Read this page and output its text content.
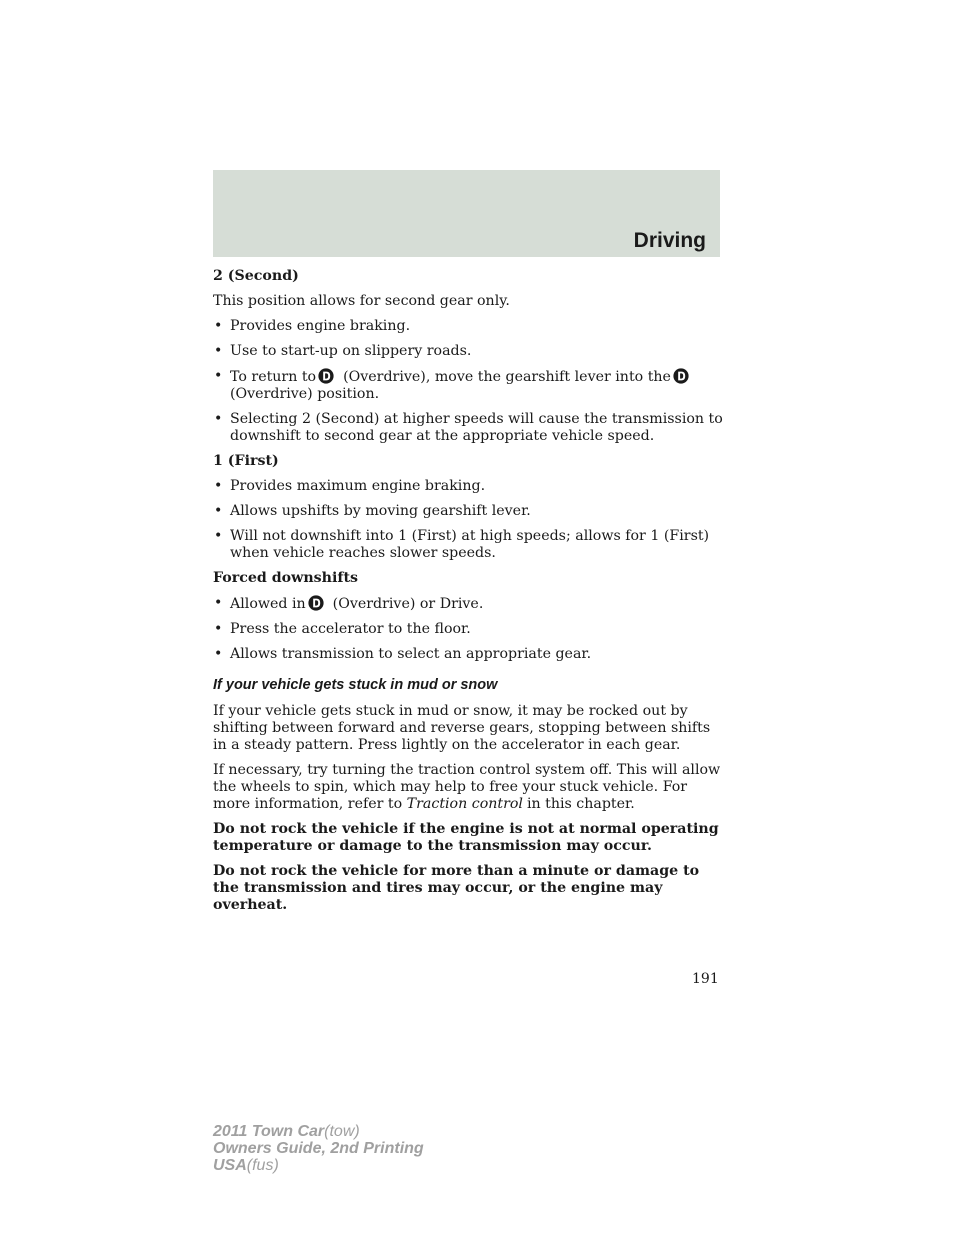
Driving

2 (Second)

This position allows for second gear only.

• Provides engine braking.
• Use to start-up on slippery roads.
• To return to (Overdrive), move the gearshift lever into the
(Overdrive) position.
• Selecting 2 (Second) at higher speeds will cause the transmission to downshift to second gear at the appropriate vehicle speed.

1 (First)

• Provides maximum engine braking.
• Allows upshifts by moving gearshift lever.
• Will not downshift into 1 (First) at high speeds; allows for 1 (First) when vehicle reaches slower speeds.

Forced downshifts

• Allowed in (Overdrive) or Drive.
• Press the accelerator to the floor.
• Allows transmission to select an appropriate gear.

If your vehicle gets stuck in mud or snow

If your vehicle gets stuck in mud or snow, it may be rocked out by shifting between forward and reverse gears, stopping between shifts in a steady pattern. Press lightly on the accelerator in each gear.

If necessary, try turning the traction control system off. This will allow the wheels to spin, which may help to free your stuck vehicle. For more information, refer to Traction control in this chapter.

Do not rock the vehicle if the engine is not at normal operating temperature or damage to the transmission may occur.

Do not rock the vehicle for more than a minute or damage to the transmission and tires may occur, or the engine may overheat.

191
2011 Town Car(tow)
Owners Guide, 2nd Printing
USA(fus)
